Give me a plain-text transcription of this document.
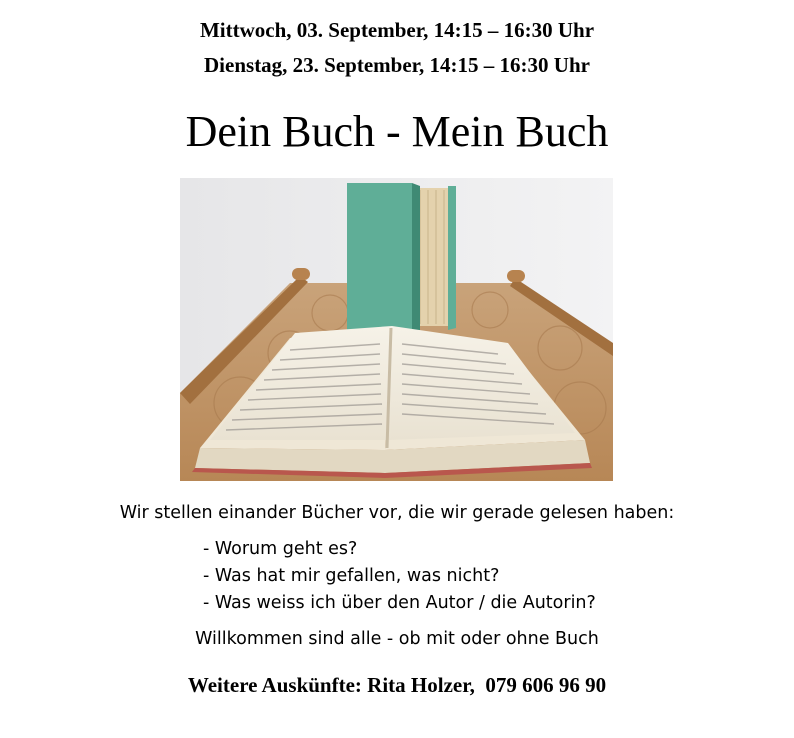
Mittwoch, 03. September, 14:15 – 16:30 Uhr
Dienstag, 23. September, 14:15 – 16:30 Uhr
Dein Buch - Mein Buch
Wir stellen einander Bücher vor, die wir gerade gelesen haben:
- Worum geht es?
- Was hat mir gefallen, was nicht?
- Was weiss ich über den Autor / die Autorin?
Willkommen sind alle - ob mit oder ohne Buch
Weitere Auskünfte: Rita Holzer,  079 606 96 90
